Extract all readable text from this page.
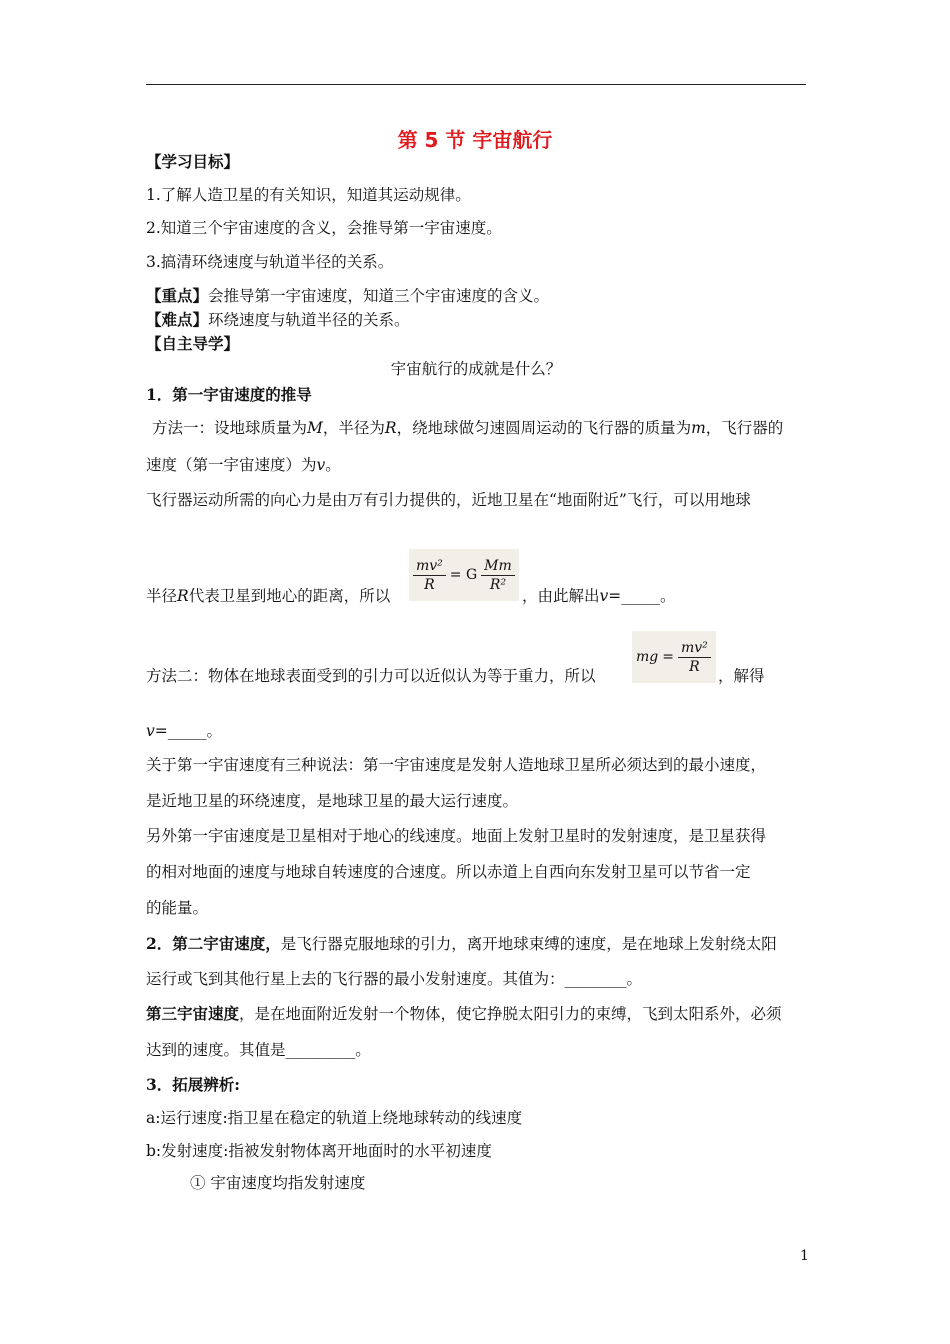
第 5 节 宇宙航行
【学习目标】
1.了解人造卫星的有关知识，知道其运动规律。
2.知道三个宇宙速度的含义，会推导第一宇宙速度。
3.搞清环绕速度与轨道半径的关系。
【重点】会推导第一宇宙速度，知道三个宇宙速度的含义。
【难点】环绕速度与轨道半径的关系。
【自主导学】
宇宙航行的成就是什么？
1．第一宇宙速度的推导
方法一：设地球质量为M，半径为R，绕地球做匀速圆周运动的飞行器的质量为m，飞行器的
速度（第一宇宙速度）为v。
飞行器运动所需的向心力是由万有引力提供的，近地卫星在“地面附近”飞行，可以用地球
半径R代表卫星到地心的距离，所以
$\frac{\text{mv²}}{R} = G \frac{Mm}{\text{R²}}$
，由此解出v=_____。
方法二：物体在地球表面受到的引力可以近似认为等于重力，所以
mg = $\frac{\text{mv²}}{R}$
，解得
v=_____。
关于第一宇宙速度有三种说法：第一宇宙速度是发射人造地球卫星所必须达到的最小速度，
是近地卫星的环绕速度，是地球卫星的最大运行速度。
另外第一宇宙速度是卫星相对于地心的线速度。地面上发射卫星时的发射速度，是卫星获得
的相对地面的速度与地球自转速度的合速度。所以赤道上自西向东发射卫星可以节省一定
的能量。
2．第二宇宙速度，是飞行器克服地球的引力，离开地球束缚的速度，是在地球上发射绕太阳
运行或飞到其他行星上去的飞行器的最小发射速度。其值为：________。
第三宇宙速度，是在地面附近发射一个物体，使它挣脱太阳引力的束缚，飞到太阳系外，必须
达到的速度。其值是_________。
3．拓展辨析:
a:运行速度:指卫星在稳定的轨道上绕地球转动的线速度
b:发射速度:指被发射物体离开地面时的水平初速度
① 宇宙速度均指发射速度
1
